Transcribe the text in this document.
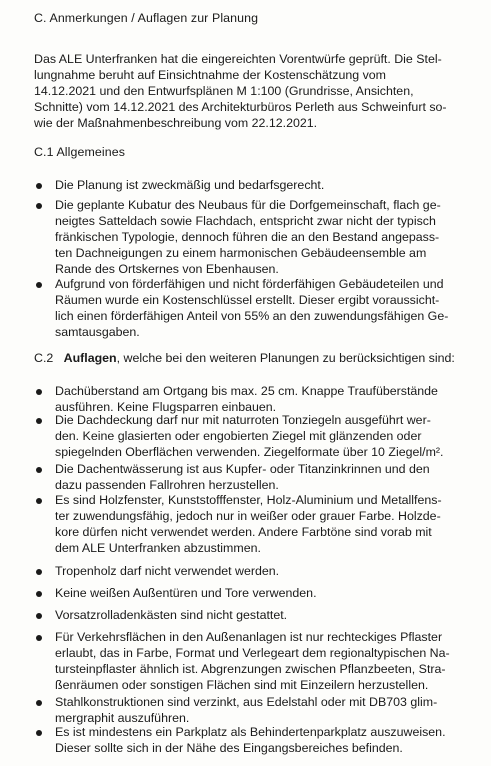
C. Anmerkungen / Auflagen zur Planung
Das ALE Unterfranken hat die eingereichten Vorentwürfe geprüft. Die Stel-
lungnahme beruht auf Einsichtnahme der Kostenschätzung vom
14.12.2021 und den Entwurfsplänen M 1:100 (Grundrisse, Ansichten,
Schnitte) vom 14.12.2021 des Architekturbüros Perleth aus Schweinfurt so-
wie der Maßnahmenbeschreibung vom 22.12.2021.
C.1 Allgemeines
Die Planung ist zweckmäßig und bedarfsgerecht.
Die geplante Kubatur des Neubaus für die Dorfgemeinschaft, flach ge-
neigtes Satteldach sowie Flachdach, entspricht zwar nicht der typisch
fränkischen Typologie, dennoch führen die an den Bestand angepass-
ten Dachneigungen zu einem harmonischen Gebäudeensemble am
Rande des Ortskernes von Ebenhausen.
Aufgrund von förderfähigen und nicht förderfähigen Gebäudeteilen und
Räumen wurde ein Kostenschlüssel erstellt. Dieser ergibt voraussicht-
lich einen förderfähigen Anteil von 55% an den zuwendungsfähigen Ge-
samtausgaben.
C.2 Auflagen, welche bei den weiteren Planungen zu berücksichtigen sind:
Dachüberstand am Ortgang bis max. 25 cm. Knappe Traufüberstände
ausführen. Keine Flugsparren einbauen.
Die Dachdeckung darf nur mit naturroten Tonziegeln ausgeführt wer-
den. Keine glasierten oder engobierten Ziegel mit glänzenden oder
spiegelnden Oberflächen verwenden. Ziegelformate über 10 Ziegel/m².
Die Dachentwässerung ist aus Kupfer- oder Titanzinkrinnen und den
dazu passenden Fallrohren herzustellen.
Es sind Holzfenster, Kunststofffenster, Holz-Aluminium und Metallfens-
ter zuwendungsfähig, jedoch nur in weißer oder grauer Farbe. Holzde-
kore dürfen nicht verwendet werden. Andere Farbtöne sind vorab mit
dem ALE Unterfranken abzustimmen.
Tropenholz darf nicht verwendet werden.
Keine weißen Außentüren und Tore verwenden.
Vorsatzrolladenkästen sind nicht gestattet.
Für Verkehrsflächen in den Außenanlagen ist nur rechteckiges Pflaster
erlaubt, das in Farbe, Format und Verlegeart dem regionaltypischen Na-
tursteinpflaster ähnlich ist. Abgrenzungen zwischen Pflanzbeeten, Stra-
ßenräumen oder sonstigen Flächen sind mit Einzeilern herzustellen.
Stahlkonstruktionen sind verzinkt, aus Edelstahl oder mit DB703 glim-
mergraphit auszuführen.
Es ist mindestens ein Parkplatz als Behindertenparkplatz auszuweisen.
Dieser sollte sich in der Nähe des Eingangsbereiches befinden.
